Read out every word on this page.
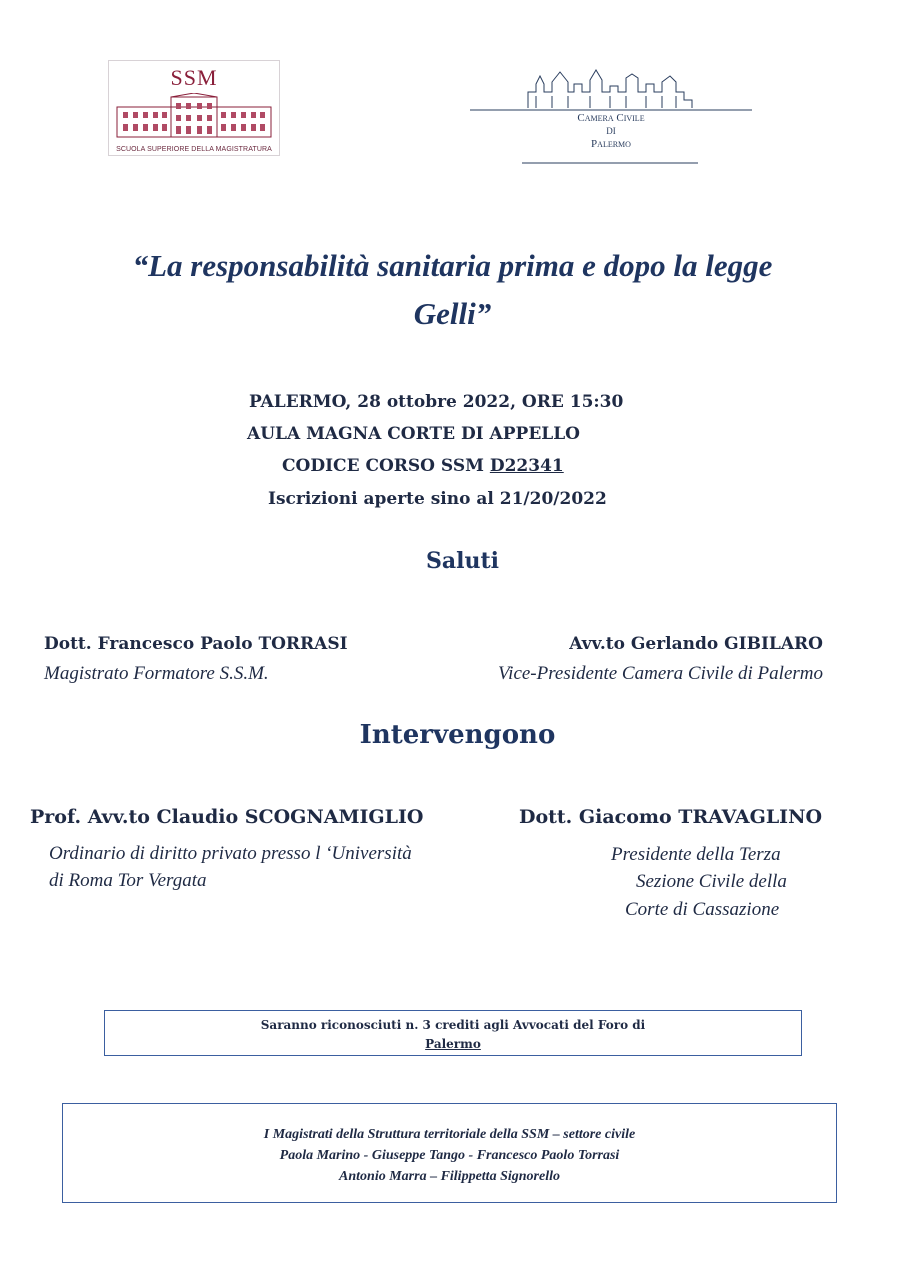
SSM
SCUOLA SUPERIORE DELLA MAGISTRATURA
Camera Civile
DI
Palermo
“La responsabilità sanitaria prima e dopo la legge
Gelli”
PALERMO, 28 ottobre 2022, ORE 15:30
AULA MAGNA CORTE DI APPELLO
CODICE CORSO SSM D22341
Iscrizioni aperte sino al 21/20/2022
Saluti
Dott. Francesco Paolo TORRASI
Magistrato Formatore S.S.M.
Avv.to Gerlando GIBILARO
Vice-Presidente Camera Civile di Palermo
Intervengono
Prof. Avv.to Claudio SCOGNAMIGLIO
Ordinario di diritto privato presso l ‘Università
di Roma Tor Vergata
Dott. Giacomo TRAVAGLINO
Presidente della Terza
Sezione Civile della
Corte di Cassazione
Saranno riconosciuti n. 3 crediti agli Avvocati del Foro di
Palermo
I Magistrati della Struttura territoriale della SSM – settore civile
Paola Marino - Giuseppe Tango - Francesco Paolo Torrasi
Antonio Marra – Filippetta Signorello
